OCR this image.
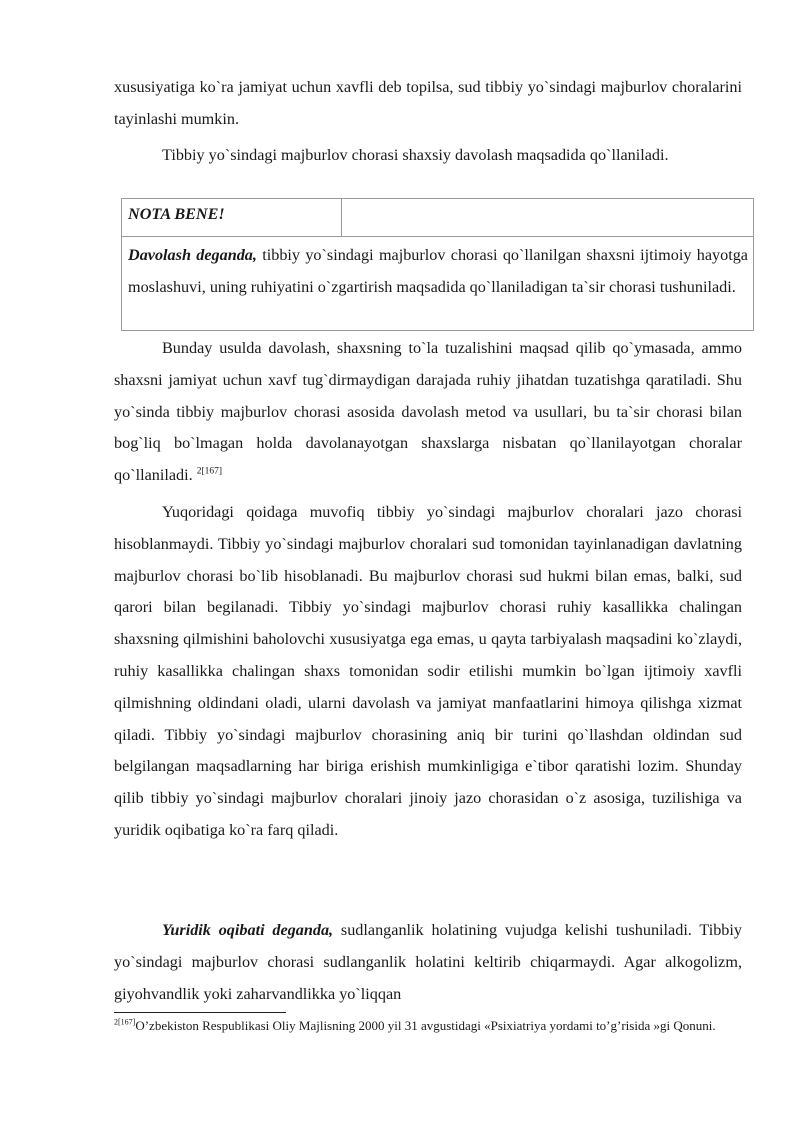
xususiyatiga ko`ra jamiyat uchun xavfli deb topilsa, sud tibbiy yo`sindagi majburlov choralarini tayinlashi mumkin.

Tibbiy yo`sindagi majburlov chorasi shaxsiy davolash maqsadida qo`llaniladi.

NOTA BENE!

Davolash deganda, tibbiy yo`sindagi majburlov chorasi qo`llanilgan shaxsni ijtimoiy hayotga moslashuvi, uning ruhiyatini o`zgartirish maqsadida qo`llaniladigan ta`sir chorasi tushuniladi.

Bunday usulda davolash, shaxsning to`la tuzalishini maqsad qilib qo`ymasada, ammo shaxsni jamiyat uchun xavf tug`dirmaydigan darajada ruhiy jihatdan tuzatishga qaratiladi. Shu yo`sinda tibbiy majburlov chorasi asosida davolash metod va usullari, bu ta`sir chorasi bilan bog`liq bo`lmagan holda davolanayotgan shaxslarga nisbatan qo`llanilayotgan choralar qo`llaniladi. $^{2[167]}$

Yuqoridagi qoidaga muvofiq tibbiy yo`sindagi majburlov choralari jazo chorasi hisoblanmaydi. Tibbiy yo`sindagi majburlov choralari sud tomonidan tayinlanadigan davlatning majburlov chorasi bo`lib hisoblanadi. Bu majburlov chorasi sud hukmi bilan emas, balki, sud qarori bilan begilanadi. Tibbiy yo`sindagi majburlov chorasi ruhiy kasallikka chalingan shaxsning qilmishini baholovchi xususiyatga ega emas, u qayta tarbiyalash maqsadini ko`zlaydi, ruhiy kasallikka chalingan shaxs tomonidan sodir etilishi mumkin bo`lgan ijtimoiy xavfli qilmishning oldindani oladi, ularni davolash va jamiyat manfaatlarini himoya qilishga xizmat qiladi. Tibbiy yo`sindagi majburlov chorasining aniq bir turini qo`llashdan oldindan sud belgilangan maqsadlarning har biriga erishish mumkinligiga e`tibor qaratishi lozim. Shunday qilib tibbiy yo`sindagi majburlov choralari jinoiy jazo chorasidan o`z asosiga, tuzilishiga va yuridik oqibatiga ko`ra farq qiladi.

Yuridik oqibati deganda, sudlanganlik holatining vujudga kelishi tushuniladi. Tibbiy yo`sindagi majburlov chorasi sudlanganlik holatini keltirib chiqarmaydi. Agar alkogolizm, giyohvandlik yoki zaharvandlikka yo`liqqan

$^{2[167]}$O’zbekiston Respublikasi Oliy Majlisning 2000 yil 31 avgustidagi «Psixiatriya yordami to’g’risida »gi Qonuni.
